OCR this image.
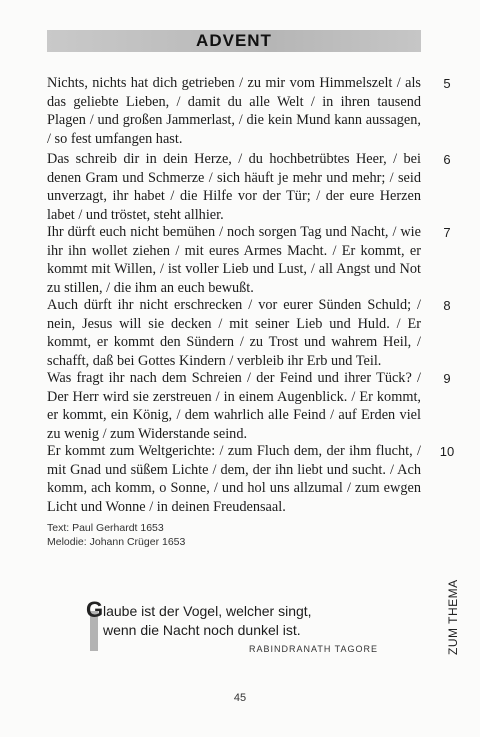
ADVENT
Nichts, nichts hat dich getrieben / zu mir vom Himmelszelt / als das geliebte Lieben, / damit du alle Welt / in ihren tausend Plagen / und großen Jammerlast, / die kein Mund kann aussagen, / so fest umfangen hast.
5
Das schreib dir in dein Herze, / du hochbetrübtes Heer, / bei denen Gram und Schmerze / sich häuft je mehr und mehr; / seid unverzagt, ihr habet / die Hilfe vor der Tür; / der eure Herzen labet / und tröstet, steht allhier.
6
Ihr dürft euch nicht bemühen / noch sorgen Tag und Nacht, / wie ihr ihn wollet ziehen / mit eures Armes Macht. / Er kommt, er kommt mit Willen, / ist voller Lieb und Lust, / all Angst und Not zu stillen, / die ihm an euch bewußt.
7
Auch dürft ihr nicht erschrecken / vor eurer Sünden Schuld; / nein, Jesus will sie decken / mit seiner Lieb und Huld. / Er kommt, er kommt den Sündern / zu Trost und wahrem Heil, / schafft, daß bei Gottes Kindern / verbleib ihr Erb und Teil.
8
Was fragt ihr nach dem Schreien / der Feind und ihrer Tück? / Der Herr wird sie zerstreuen / in einem Augenblick. / Er kommt, er kommt, ein König, / dem wahrlich alle Feind / auf Erden viel zu wenig / zum Widerstande seind.
9
Er kommt zum Weltgerichte: / zum Fluch dem, der ihm flucht, / mit Gnad und süßem Lichte / dem, der ihn liebt und sucht. / Ach komm, ach komm, o Sonne, / und hol uns allzumal / zum ewgen Licht und Wonne / in deinen Freudensaal.
10
Text: Paul Gerhardt 1653
Melodie: Johann Crüger 1653
G laube ist der Vogel, welcher singt,
wenn die Nacht noch dunkel ist.
RABINDRANATH TAGORE	ZUM THEMA
45
